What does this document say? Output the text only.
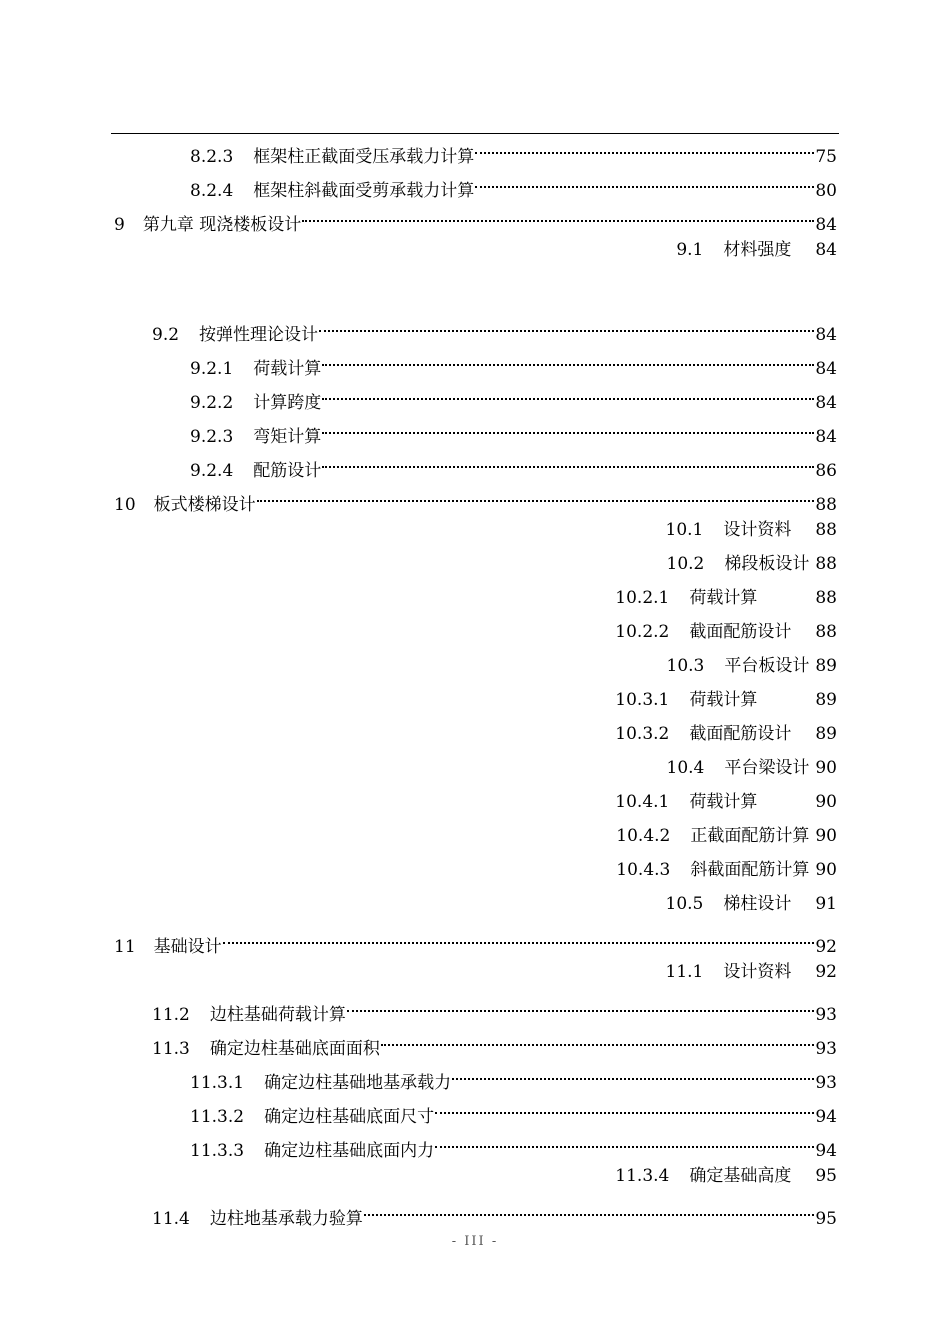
8.2.3 框架柱正截面受压承载力计算	75
8.2.4 框架柱斜截面受剪承载力计算	80
9 第九章 现浇楼板设计	84
9.1 材料强度 84
9.2 按弹性理论设计	84
9.2.1 荷载计算	84
9.2.2 计算跨度	84
9.2.3 弯矩计算	84
9.2.4 配筋设计	86
10 板式楼梯设计	88
10.1 设计资料 88
10.2 梯段板设计 88
10.2.1 荷载计算	88
10.2.2 截面配筋设计 88
10.3 平台板设计 89
10.3.1 荷载计算	89
10.3.2 截面配筋设计 89
10.4 平台梁设计 90
10.4.1 荷载计算	90
10.4.2 正截面配筋计算 90
10.4.3 斜截面配筋计算 90
10.5 梯柱设计 91
11 基础设计	92
11.1 设计资料 92
11.2 边柱基础荷载计算	93
11.3 确定边柱基础底面面积	93
11.3.1 确定边柱基础地基承载力	93
11.3.2 确定边柱基础底面尺寸	94
11.3.3 确定边柱基础底面内力	94
11.3.4 确定基础高度 95
11.4 边柱地基承载力验算	95
- III -
